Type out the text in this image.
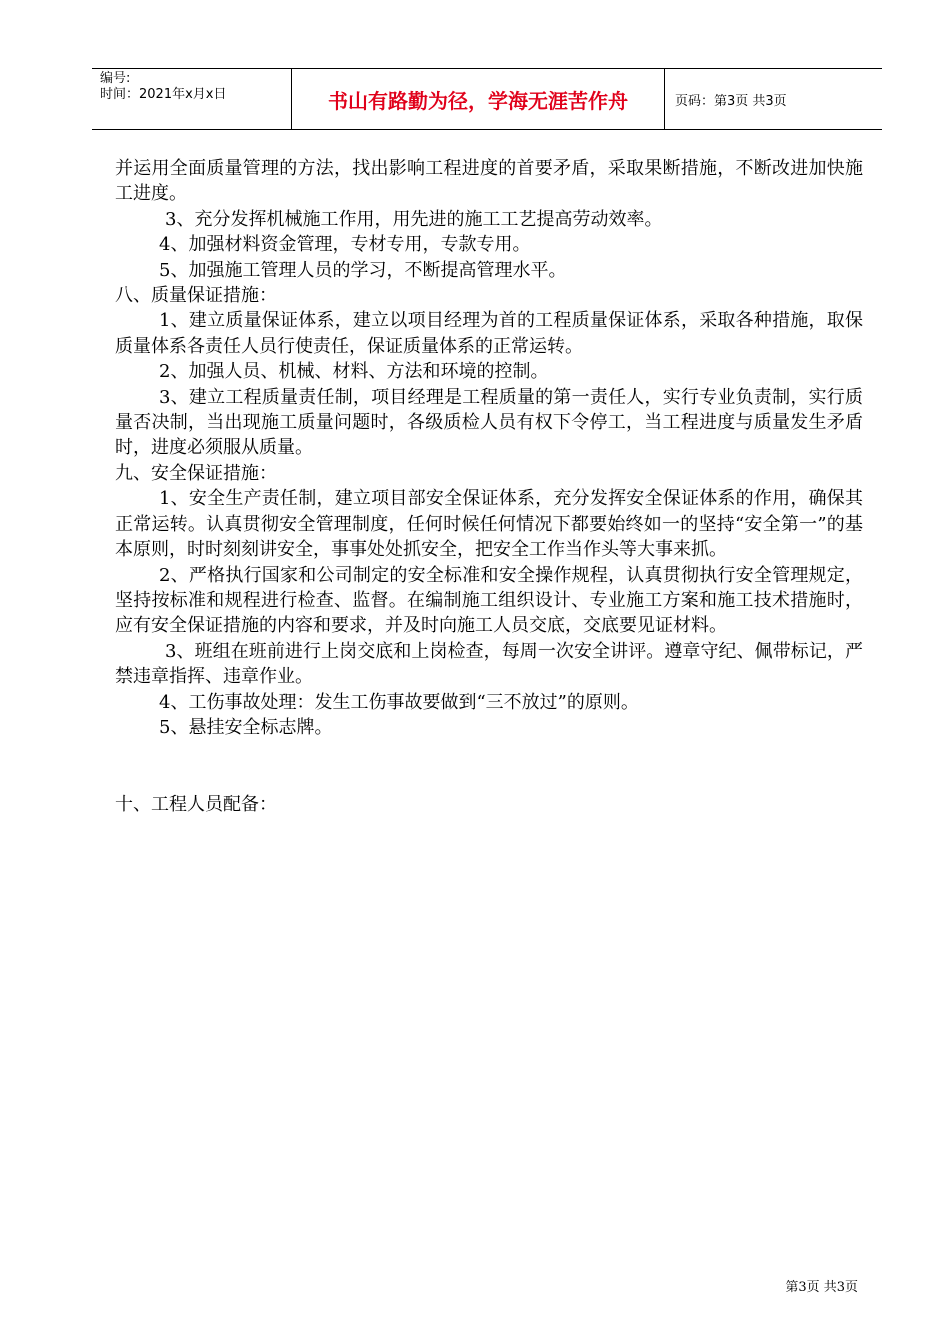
编号:
时间：2021年x月x日	书山有路勤为径，学海无涯苦作舟	页码：第3页 共3页

并运用全面质量管理的方法，找出影响工程进度的首要矛盾，采取果断措施，不断改进加快施工进度。

3、充分发挥机械施工作用，用先进的施工工艺提高劳动效率。

4、加强材料资金管理，专材专用，专款专用。

5、加强施工管理人员的学习，不断提高管理水平。

八、质量保证措施：

1、建立质量保证体系，建立以项目经理为首的工程质量保证体系，采取各种措施，取保质量体系各责任人员行使责任，保证质量体系的正常运转。

2、加强人员、机械、材料、方法和环境的控制。

3、建立工程质量责任制，项目经理是工程质量的第一责任人，实行专业负责制，实行质量否决制，当出现施工质量问题时，各级质检人员有权下令停工，当工程进度与质量发生矛盾时，进度必须服从质量。

九、安全保证措施：

1、安全生产责任制，建立项目部安全保证体系，充分发挥安全保证体系的作用，确保其正常运转。认真贯彻安全管理制度，任何时候任何情况下都要始终如一的坚持“安全第一”的基本原则，时时刻刻讲安全，事事处处抓安全，把安全工作当作头等大事来抓。

2、严格执行国家和公司制定的安全标准和安全操作规程，认真贯彻执行安全管理规定，坚持按标准和规程进行检查、监督。在编制施工组织设计、专业施工方案和施工技术措施时，应有安全保证措施的内容和要求，并及时向施工人员交底，交底要见证材料。

3、班组在班前进行上岗交底和上岗检查，每周一次安全讲评。遵章守纪、佩带标记，严禁违章指挥、违章作业。

4、工伤事故处理：发生工伤事故要做到“三不放过”的原则。

5、悬挂安全标志牌。

十、工程人员配备：

第3页 共3页
